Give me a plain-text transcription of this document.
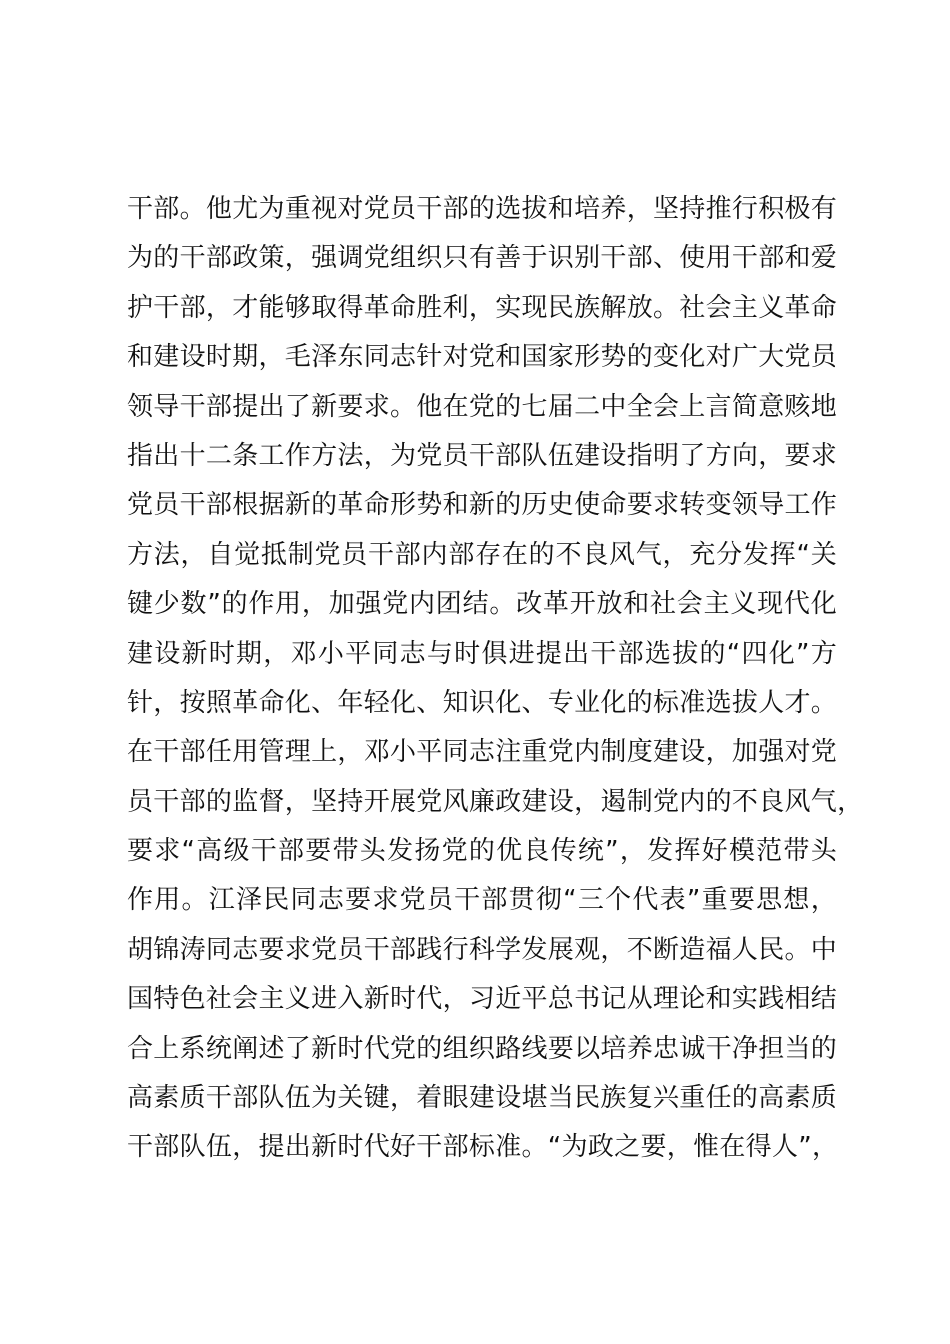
干部。他尤为重视对党员干部的选拔和培养，坚持推行积极有
为的干部政策，强调党组织只有善于识别干部、使用干部和爱
护干部，才能够取得革命胜利，实现民族解放。社会主义革命
和建设时期，毛泽东同志针对党和国家形势的变化对广大党员
领导干部提出了新要求。他在党的七届二中全会上言简意赅地
指出十二条工作方法，为党员干部队伍建设指明了方向，要求
党员干部根据新的革命形势和新的历史使命要求转变领导工作
方法，自觉抵制党员干部内部存在的不良风气，充分发挥“关
键少数”的作用，加强党内团结。改革开放和社会主义现代化
建设新时期，邓小平同志与时俱进提出干部选拔的“四化”方
针，按照革命化、年轻化、知识化、专业化的标准选拔人才。
在干部任用管理上，邓小平同志注重党内制度建设，加强对党
员干部的监督，坚持开展党风廉政建设，遏制党内的不良风气，
要求“高级干部要带头发扬党的优良传统”，发挥好模范带头
作用。江泽民同志要求党员干部贯彻“三个代表”重要思想，
胡锦涛同志要求党员干部践行科学发展观，不断造福人民。中
国特色社会主义进入新时代，习近平总书记从理论和实践相结
合上系统阐述了新时代党的组织路线要以培养忠诚干净担当的
高素质干部队伍为关键，着眼建设堪当民族复兴重任的高素质
干部队伍，提出新时代好干部标准。“为政之要，惟在得人”，
